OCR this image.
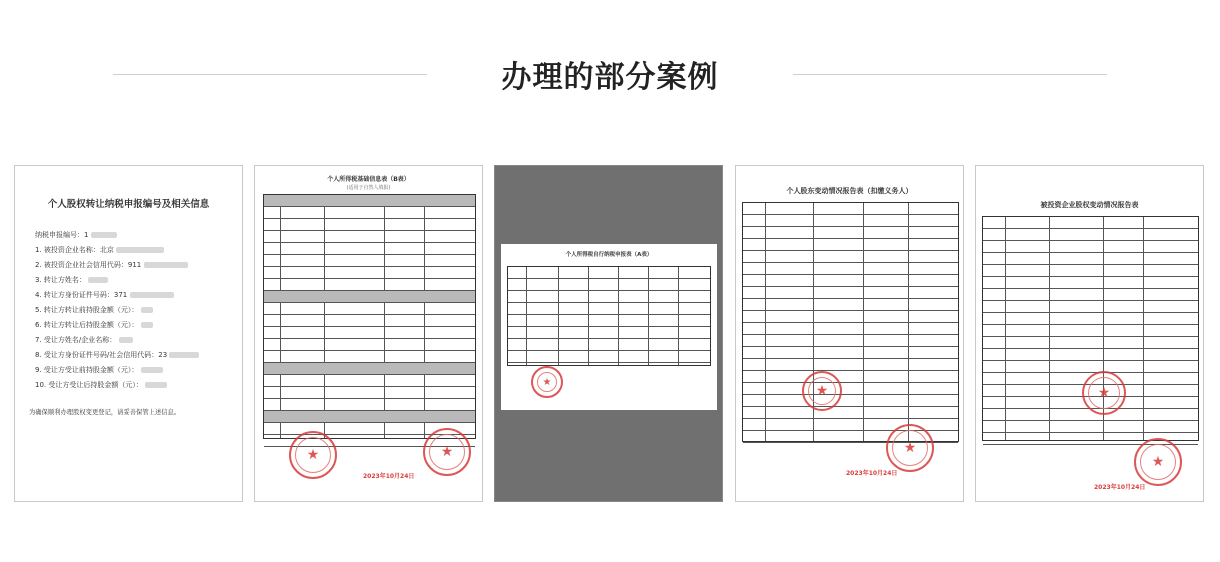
办理的部分案例
个人股权转让纳税申报编号及相关信息
纳税申报编号：1
1. 被投资企业名称：北京
2. 被投资企业社会信用代码：911
3. 转让方姓名：
4. 转让方身份证件号码：371
5. 转让方转让前持股金额（元）：
6. 转让方转让后持股金额（元）：
7. 受让方姓名/企业名称：
8. 受让方身份证件号码/社会信用代码：23
9. 受让方受让前持股金额（元）：
10. 受让方受让后持股金额（元）：
为确保顺利办理股权变更登记，请妥善保管上述信息。
个人所得税基础信息表（B表）
(适用于自然人填报)
★	★
2023年10月24日
个人所得税自行纳税申报表（A表）
★
个人股东变动情况报告表（扣缴义务人）
★
★
2023年10月24日
被投资企业股权变动情况报告表
★
★
2023年10月24日
